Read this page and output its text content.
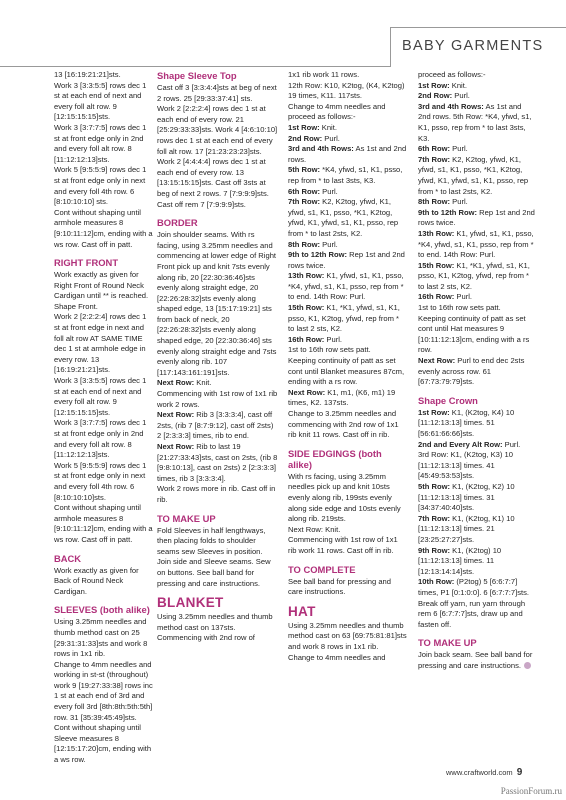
BABY GARMENTS

13 [16:19:21:21]sts.

Work 3 [3:3:5:5] rows dec 1 st at each end of next and every foll alt row. 9 [12:15:15:15]sts.

Work 3 [3:7:7:5] rows dec 1 st at front edge only in 2nd and every foll alt row. 8 [11:12:12:13]sts.

Work 5 [9:5:5:9] rows dec 1 st at front edge only in next and every foll 4th row. 6 [8:10:10:10] sts.

Cont without shaping until armhole measures 8 [9:10:11:12]cm, ending with a ws row. Cast off in patt.

RIGHT FRONT

Work exactly as given for Right Front of Round Neck Cardigan until ** is reached.

Shape Front.

Work 2 [2:2:2:4] rows dec 1 st at front edge in next and foll alt row AT SAME TIME dec 1 st at armhole edge in every row. 13 [16:19:21:21]sts.

Work 3 [3:3:5:5] rows dec 1 st at each end of next and every foll alt row. 9 [12:15:15:15]sts.

Work 3 [3:7:7:5] rows dec 1 st at front edge only in 2nd and every foll alt row. 8 [11:12:12:13]sts.

Work 5 [9:5:5:9] rows dec 1 st at front edge only in next and every foll 4th row. 6 [8:10:10:10]sts.

Cont without shaping until armhole measures 8 [9:10:11:12]cm, ending with a ws row. Cast off in patt.

BACK

Work exactly as given for Back of Round Neck Cardigan.

SLEEVES (both alike)

Using 3.25mm needles and thumb method cast on 25 [29:31:31:33]sts and work 8 rows in 1x1 rib.

Change to 4mm needles and working in st-st (throughout) work 9 [19:27:33:38] rows inc 1 st at each end of 3rd and every foll 3rd [8th:8th:5th:5th] row. 31 [35:39:45:49]sts.

Cont without shaping until Sleeve measures 8 [12:15:17:20]cm, ending with a ws row.

Shape Sleeve Top

Cast off 3 [3:3:4:4]sts at beg of next 2 rows. 25 [29:33:37:41] sts.

Work 2 [2:2:2:4] rows dec 1 st at each end of every row. 21 [25:29:33:33]sts. Work 4 [4:6:10:10] rows dec 1 st at each end of every foll alt row. 17 [21:23:23:23]sts. Work 2 [4:4:4:4] rows dec 1 st at each end of every row. 13 [13:15:15:15]sts. Cast off 3sts at beg of next 2 rows. 7 [7:9:9:9]sts. Cast off rem 7 [7:9:9:9]sts.

BORDER

Join shoulder seams. With rs facing, using 3.25mm needles and commencing at lower edge of Right Front pick up and knit 7sts evenly along rib, 20 [22:30:36:46]sts evenly along straight edge, 20 [22:26:28:32]sts evenly along shaped edge, 13 [15:17:19:21] sts from back of neck, 20 [22:26:28:32]sts evenly along shaped edge, 20 [22:30:36:46] sts evenly along straight edge and 7sts evenly along rib. 107 [117:143:161:191]sts.

Next Row: Knit.

Commencing with 1st row of 1x1 rib work 2 rows.

Next Row: Rib 3 [3:3:3:4], cast off 2sts, (rib 7 [8:7:9:12], cast off 2sts) 2 [2:3:3:3] times, rib to end.

Next Row: Rib to last 19 [21:27:33:43]sts, cast on 2sts, (rib 8 [9:8:10:13], cast on 2sts) 2 [2:3:3:3] times, rib 3 [3:3:3:4].

Work 2 rows more in rib. Cast off in rib.

TO MAKE UP

Fold Sleeves in half lengthways, then placing folds to shoulder seams sew Sleeves in position. Join side and Sleeve seams. Sew on buttons. See ball band for pressing and care instructions.

BLANKET

Using 3.25mm needles and thumb method cast on 137sts. Commencing with 2nd row of

1x1 rib work 11 rows.

12th Row: K10, K2tog, (K4, K2tog) 19 times, K11. 117sts.

Change to 4mm needles and proceed as follows:-

1st Row: Knit.

2nd Row: Purl.

3rd and 4th Rows: As 1st and 2nd rows.

5th Row: *K4, yfwd, s1, K1, psso, rep from * to last 3sts, K3.

6th Row: Purl.

7th Row: K2, K2tog, yfwd, K1, yfwd, s1, K1, psso, *K1, K2tog, yfwd, K1, yfwd, s1, K1, psso, rep from * to last 2sts, K2.

8th Row: Purl.

9th to 12th Row: Rep 1st and 2nd rows twice.

13th Row: K1, yfwd, s1, K1, psso, *K4, yfwd, s1, K1, psso, rep from * to end. 14th Row: Purl.

15th Row: K1, *K1, yfwd, s1, K1, psso, K1, K2tog, yfwd, rep from * to last 2 sts, K2.

16th Row: Purl.

1st to 16th row sets patt.

Keeping continuity of patt as set cont until Blanket measures 87cm, ending with a rs row.

Next Row: K1, m1, (K6, m1) 19 times, K2. 137sts.

Change to 3.25mm needles and commencing with 2nd row of 1x1 rib knit 11 rows. Cast off in rib.

SIDE EDGINGS (both alike)

With rs facing, using 3.25mm needles pick up and knit 10sts evenly along rib, 199sts evenly along side edge and 10sts evenly along rib. 219sts.

Next Row: Knit.

Commencing with 1st row of 1x1 rib work 11 rows. Cast off in rib.

TO COMPLETE

See ball band for pressing and care instructions.

HAT

Using 3.25mm needles and thumb method cast on 63 [69:75:81:81]sts and work 8 rows in 1x1 rib.

Change to 4mm needles and

proceed as follows:-

1st Row: Knit.

2nd Row: Purl.

3rd and 4th Rows: As 1st and 2nd rows. 5th Row: *K4, yfwd, s1, K1, psso, rep from * to last 3sts, K3.

6th Row: Purl.

7th Row: K2, K2tog, yfwd, K1, yfwd, s1, K1, psso, *K1, K2tog, yfwd, K1, yfwd, s1, K1, psso, rep from * to last 2sts, K2.

8th Row: Purl.

9th to 12th Row: Rep 1st and 2nd rows twice.

13th Row: K1, yfwd, s1, K1, psso, *K4, yfwd, s1, K1, psso, rep from * to end. 14th Row: Purl.

15th Row: K1, *K1, yfwd, s1, K1, psso, K1, K2tog, yfwd, rep from * to last 2 sts, K2.

16th Row: Purl.

1st to 16th row sets patt.

Keeping continuity of patt as set cont until Hat measures 9 [10:11:12:13]cm, ending with a rs row.

Next Row: Purl to end dec 2sts evenly across row. 61 [67:73:79:79]sts.

Shape Crown

1st Row: K1, (K2tog, K4) 10 [11:12:13:13] times. 51 [56:61:66:66]sts.

2nd and Every Alt Row: Purl.

3rd Row: K1, (K2tog, K3) 10 [11:12:13:13] times. 41 [45:49:53:53]sts.

5th Row: K1, (K2tog, K2) 10 [11:12:13:13] times. 31 [34:37:40:40]sts.

7th Row: K1, (K2tog, K1) 10 [11:12:13:13] times. 21 [23:25:27:27]sts.

9th Row: K1, (K2tog) 10 [11:12:13:13] times. 11 [12:13:14:14]sts.

10th Row: (P2tog) 5 [6:6:7:7] times, P1 [0:1:0:0]. 6 [6:7:7:7]sts.

Break off yarn, run yarn through rem 6 [6:7:7:7]sts, draw up and fasten off.

TO MAKE UP

Join back seam. See ball band for pressing and care instructions.

www.craftworld.com 9
PassionForum.ru
